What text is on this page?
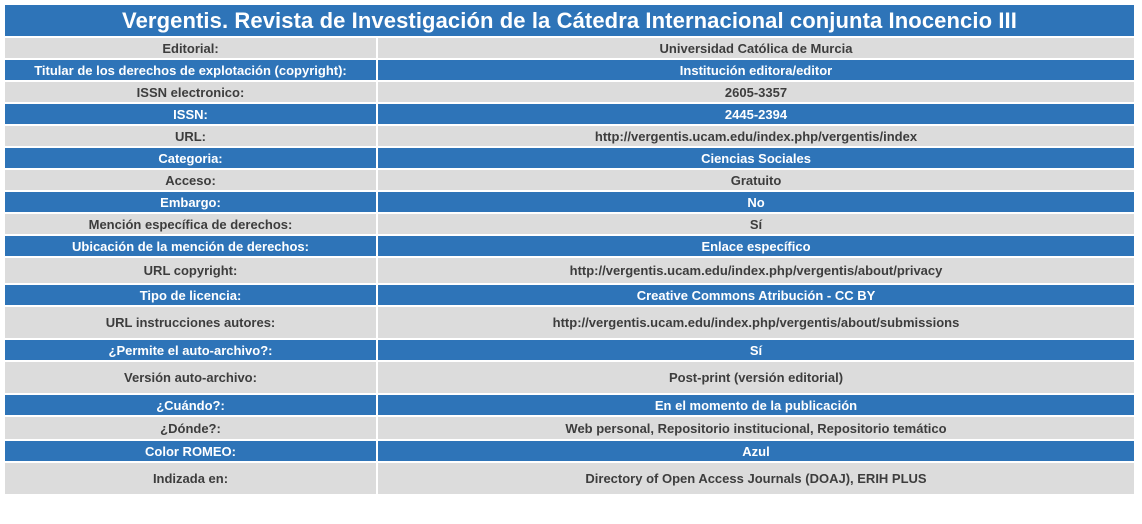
Vergentis. Revista de Investigación de la Cátedra Internacional conjunta Inocencio III	
Editorial:	Universidad Católica de Murcia
Titular de los derechos de explotación (copyright):	Institución editora/editor
ISSN electronico:	2605-3357
ISSN:	2445-2394
URL:	http://vergentis.ucam.edu/index.php/vergentis/index
Categoria:	Ciencias Sociales
Acceso:	Gratuito
Embargo:	No
Mención específica de derechos:	Sí
Ubicación de la mención de derechos:	Enlace específico
URL copyright:	http://vergentis.ucam.edu/index.php/vergentis/about/privacy
Tipo de licencia:	Creative Commons Atribución - CC BY
URL instrucciones autores:	http://vergentis.ucam.edu/index.php/vergentis/about/submissions
¿Permite el auto-archivo?:	Sí
Versión auto-archivo:	Post-print (versión editorial)
¿Cuándo?:	En el momento de la publicación
¿Dónde?:	Web personal, Repositorio institucional, Repositorio temático
Color ROMEO:	Azul
Indizada en:	Directory of Open Access Journals (DOAJ), ERIH PLUS
